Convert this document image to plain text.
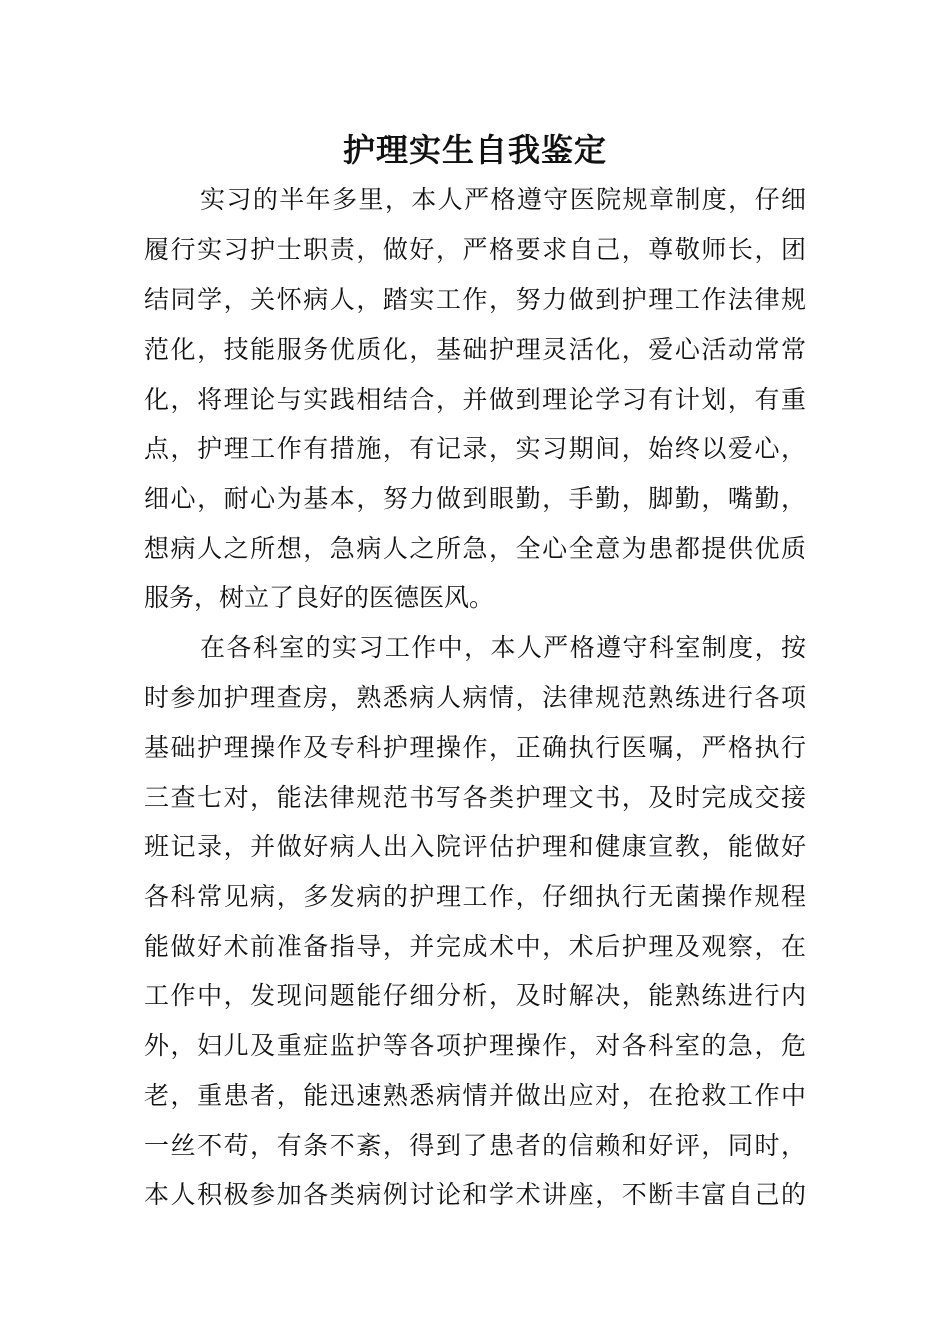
护理实生自我鉴定
实习的半年多里，本人严格遵守医院规章制度，仔细
履行实习护士职责，做好，严格要求自己，尊敬师长，团
结同学，关怀病人，踏实工作，努力做到护理工作法律规
范化，技能服务优质化，基础护理灵活化，爱心活动常常
化，将理论与实践相结合，并做到理论学习有计划，有重
点，护理工作有措施，有记录，实习期间，始终以爱心，
细心，耐心为基本，努力做到眼勤，手勤，脚勤，嘴勤，
想病人之所想，急病人之所急，全心全意为患都提供优质
服务，树立了良好的医德医风。
在各科室的实习工作中，本人严格遵守科室制度，按
时参加护理查房，熟悉病人病情，法律规范熟练进行各项
基础护理操作及专科护理操作，正确执行医嘱，严格执行
三查七对，能法律规范书写各类护理文书，及时完成交接
班记录，并做好病人出入院评估护理和健康宣教，能做好
各科常见病，多发病的护理工作，仔细执行无菌操作规程
能做好术前准备指导，并完成术中，术后护理及观察，在
工作中，发现问题能仔细分析，及时解决，能熟练进行内
外，妇儿及重症监护等各项护理操作，对各科室的急，危
老，重患者，能迅速熟悉病情并做出应对，在抢救工作中
一丝不苟，有条不紊，得到了患者的信赖和好评，同时，
本人积极参加各类病例讨论和学术讲座，不断丰富自己的
